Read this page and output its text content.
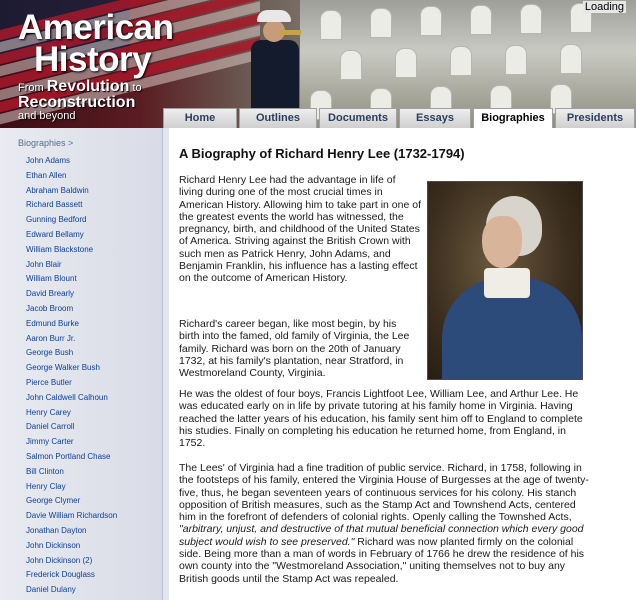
American
History
From Revolution to
Reconstruction
and beyond
Loading
Home	Outlines	Documents	Essays	Biographies	Presidents
Biographies >
John Adams
Ethan Allen
Abraham Baldwin
Richard Bassett
Gunning Bedford
Edward Bellamy
William Blackstone
John Blair
William Blount
David Brearly
Jacob Broom
Edmund Burke
Aaron Burr Jr.
George Bush
George Walker Bush
Pierce Butler
John Caldwell Calhoun
Henry Carey
Daniel Carroll
Jimmy Carter
Salmon Portland Chase
Bill Clinton
Henry Clay
George Clymer
Davie William Richardson
Jonathan Dayton
John Dickinson
John Dickinson (2)
Frederick Douglass
Daniel Dulany
A Biography of Richard Henry Lee (1732-1794)
Richard Henry Lee had the advantage in life of living during one of the most crucial times in American History. Allowing him to take part in one of the greatest events the world has witnessed, the pregnancy, birth, and childhood of the United States of America. Striving against the British Crown with such men as Patrick Henry, John Adams, and Benjamin Franklin, his influence has a lasting effect on the outcome of American History.
Richard's career began, like most begin, by his birth into the famed, old family of Virginia, the Lee family. Richard was born on the 20th of January 1732, at his family's plantation, near Stratford, in Westmoreland County, Virginia.
He was the oldest of four boys, Francis Lightfoot Lee, William Lee, and Arthur Lee. He was educated early on in life by private tutoring at his family home in Virginia. Having reached the latter years of his education, his family sent him off to England to complete his studies. Finally on completing his education he returned home, from England, in 1752.
The Lees' of Virginia had a fine tradition of public service. Richard, in 1758, following in the footsteps of his family, entered the Virginia House of Burgesses at the age of twenty-five, thus, he began seventeen years of continuous services for his colony. His stanch opposition of British measures, such as the Stamp Act and Townshend Acts, centered him in the forefront of defenders of colonial rights. Openly calling the Townshed Acts, "arbitrary, unjust, and destructive of that mutual beneficial connection which every good subject would wish to see preserved." Richard was now planted firmly on the colonial side. Being more than a man of words in February of 1766 he drew the residence of his own county into the "Westmoreland Association," uniting themselves not to buy any British goods until the Stamp Act was repealed.
